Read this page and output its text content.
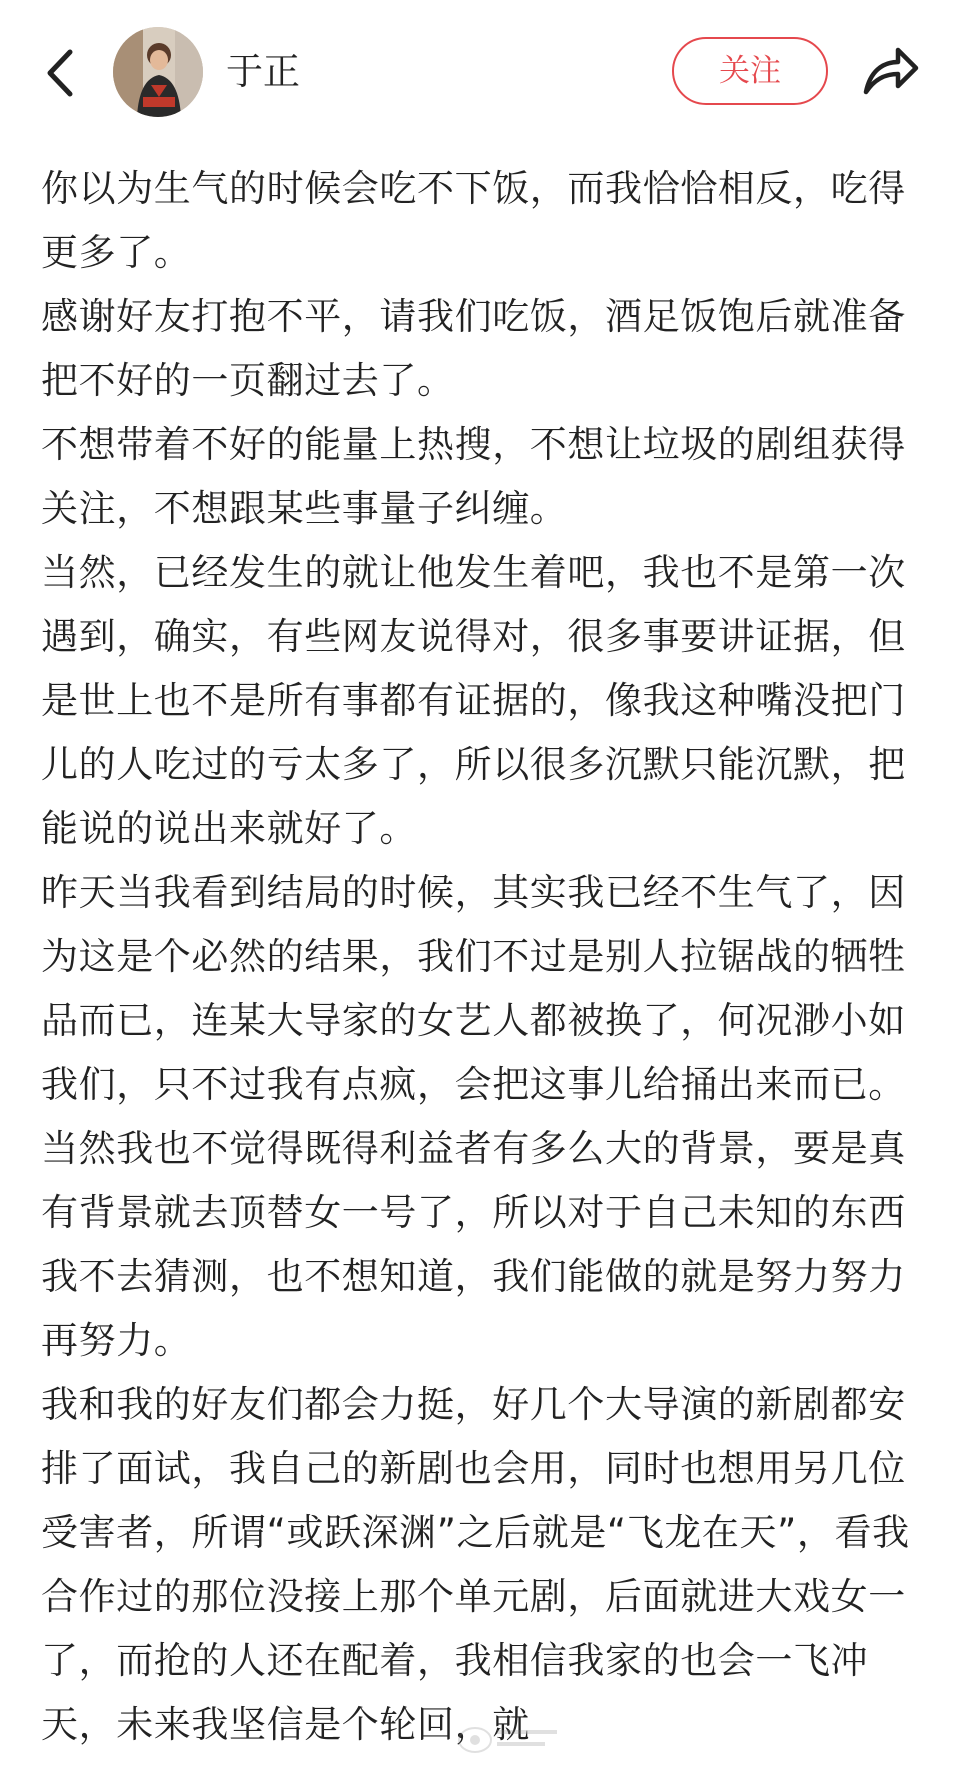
于正	关注

你以为生气的时候会吃不下饭，而我恰恰相反，吃得更多了。

感谢好友打抱不平，请我们吃饭，酒足饭饱后就准备把不好的一页翻过去了。

不想带着不好的能量上热搜，不想让垃圾的剧组获得关注，不想跟某些事量子纠缠。

当然，已经发生的就让他发生着吧，我也不是第一次遇到，确实，有些网友说得对，很多事要讲证据，但是世上也不是所有事都有证据的，像我这种嘴没把门儿的人吃过的亏太多了，所以很多沉默只能沉默，把能说的说出来就好了。

昨天当我看到结局的时候，其实我已经不生气了，因为这是个必然的结果，我们不过是别人拉锯战的牺牲品而已，连某大导家的女艺人都被换了，何况渺小如我们，只不过我有点疯，会把这事儿给捅出来而已。当然我也不觉得既得利益者有多么大的背景，要是真有背景就去顶替女一号了，所以对于自己未知的东西我不去猜测，也不想知道，我们能做的就是努力努力再努力。

我和我的好友们都会力挺，好几个大导演的新剧都安排了面试，我自己的新剧也会用，同时也想用另几位受害者，所谓“或跃深渊”之后就是“飞龙在天”，看我合作过的那位没接上那个单元剧，后面就进大戏女一了，而抢的人还在配着，我相信我家的也会一飞冲天，未来我坚信是个轮回，就
